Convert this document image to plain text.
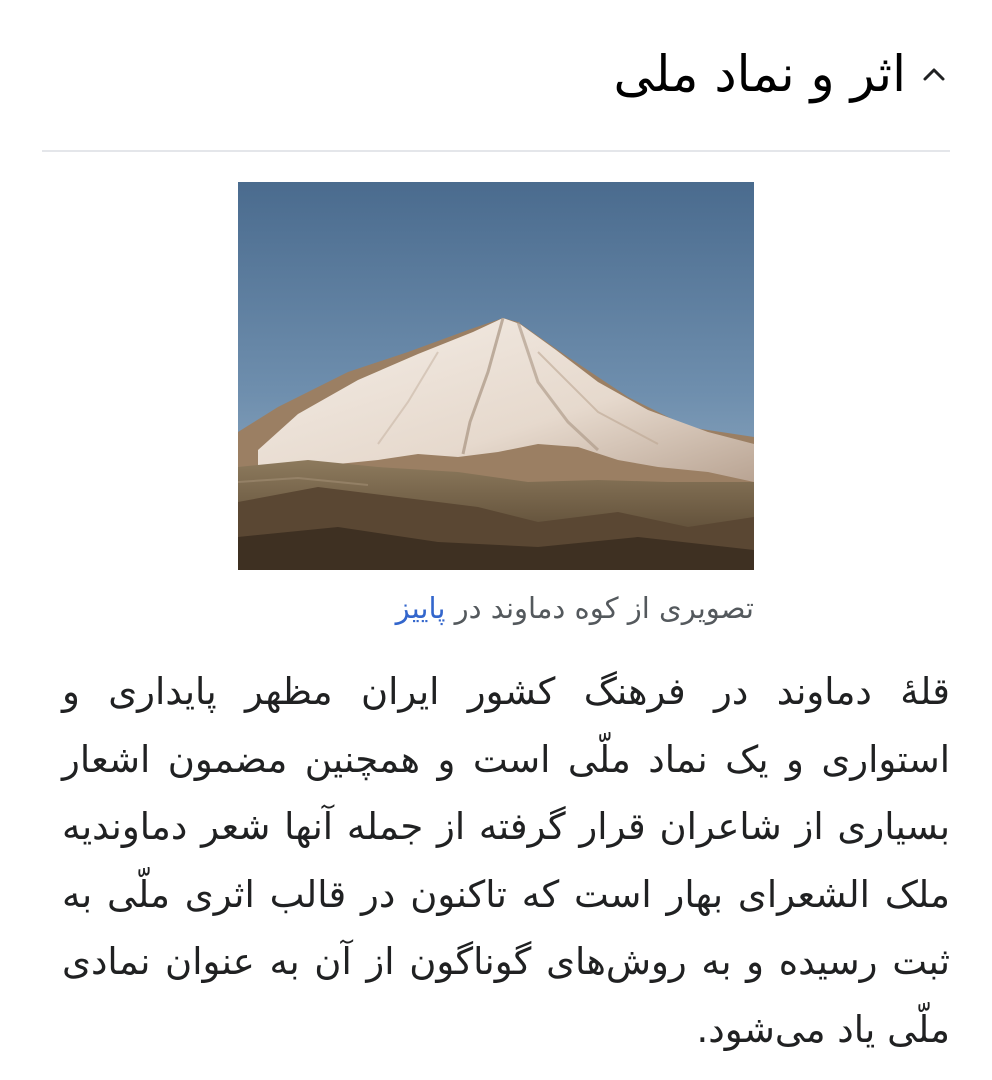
اثر و نماد ملی
تصویری از کوه دماوند در پاییز

قلهٔ دماوند در فرهنگ کشور ایران مظهر پایداری و استواری و یک نماد ملّی است و همچنین مضمون اشعار بسیاری از شاعران قرار گرفته از جمله آنها شعر دماوندیه ملک الشعرای بهار است که تاکنون در قالب اثری ملّی به ثبت رسیده و به روش‌های گوناگون از آن به عنوان نمادی ملّی یاد می‌شود.
